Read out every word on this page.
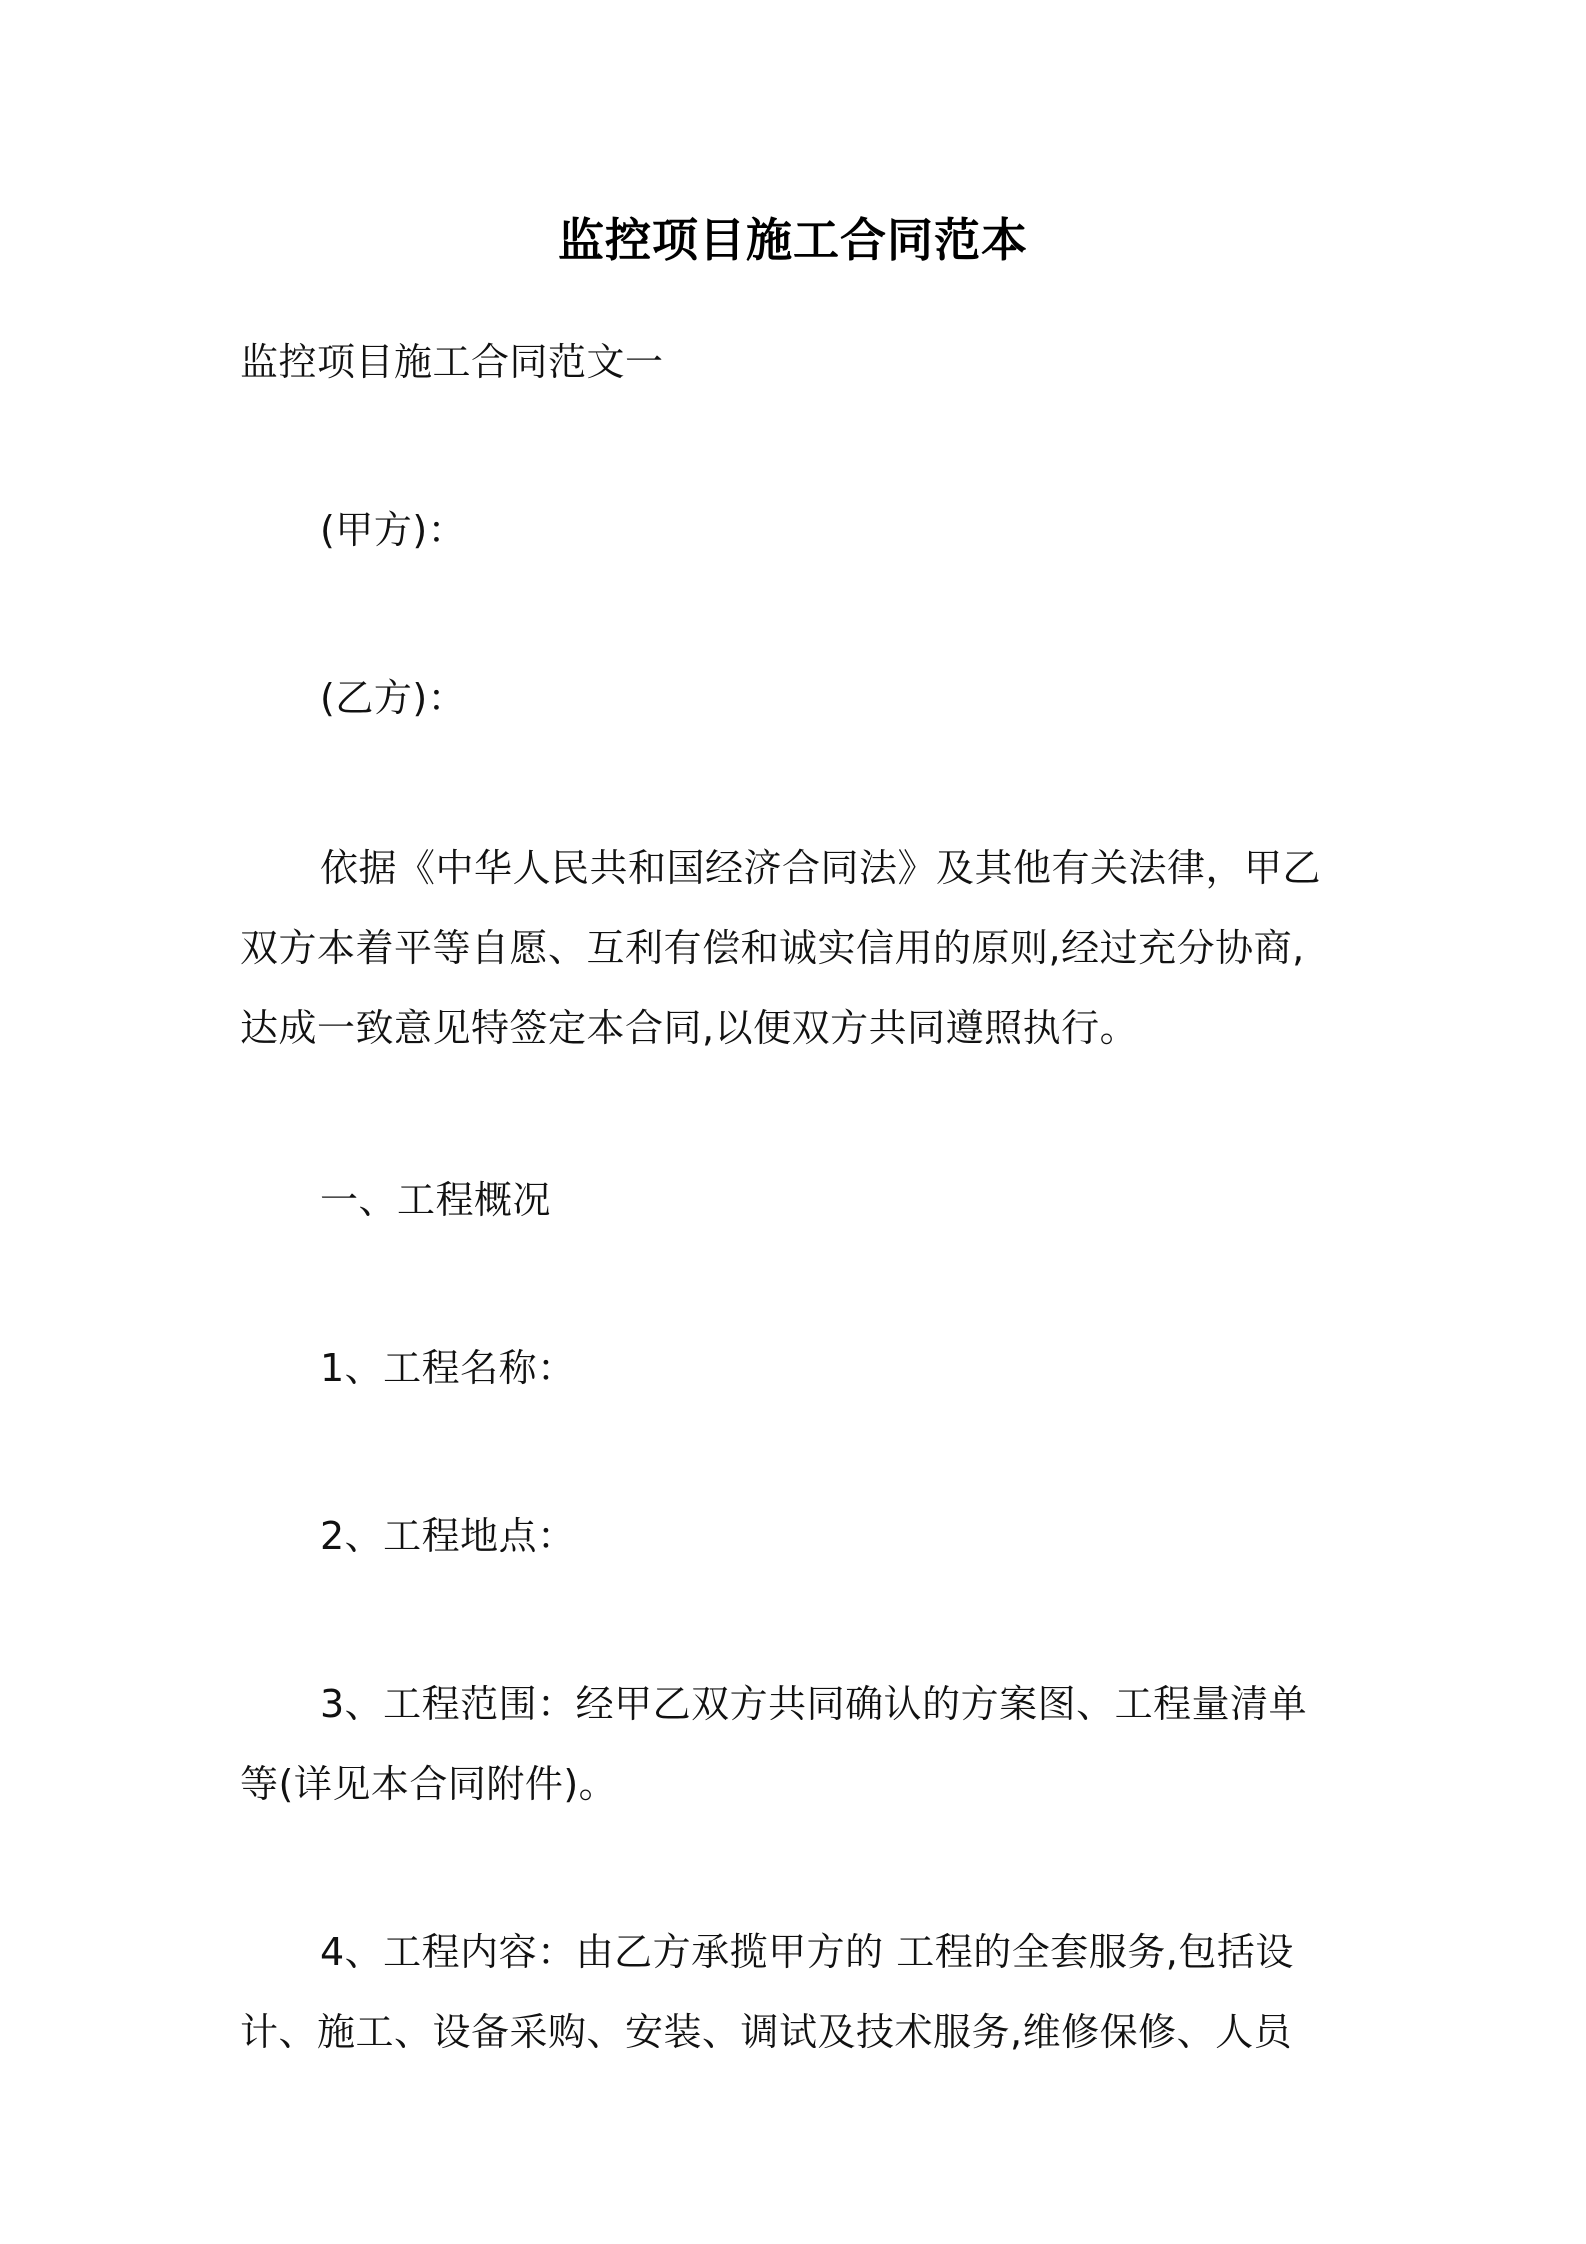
监控项目施工合同范本
监控项目施工合同范文一
(甲方)：
(乙方)：
依据《中华人民共和国经济合同法》及其他有关法律，甲乙
双方本着平等自愿、互利有偿和诚实信用的原则,经过充分协商,
达成一致意见特签定本合同,以便双方共同遵照执行。
一、工程概况
1、工程名称：
2、工程地点：
3、工程范围：经甲乙双方共同确认的方案图、工程量清单
等(详见本合同附件)。
4、工程内容：由乙方承揽甲方的 工程的全套服务,包括设
计、施工、设备采购、安装、调试及技术服务,维修保修、人员
